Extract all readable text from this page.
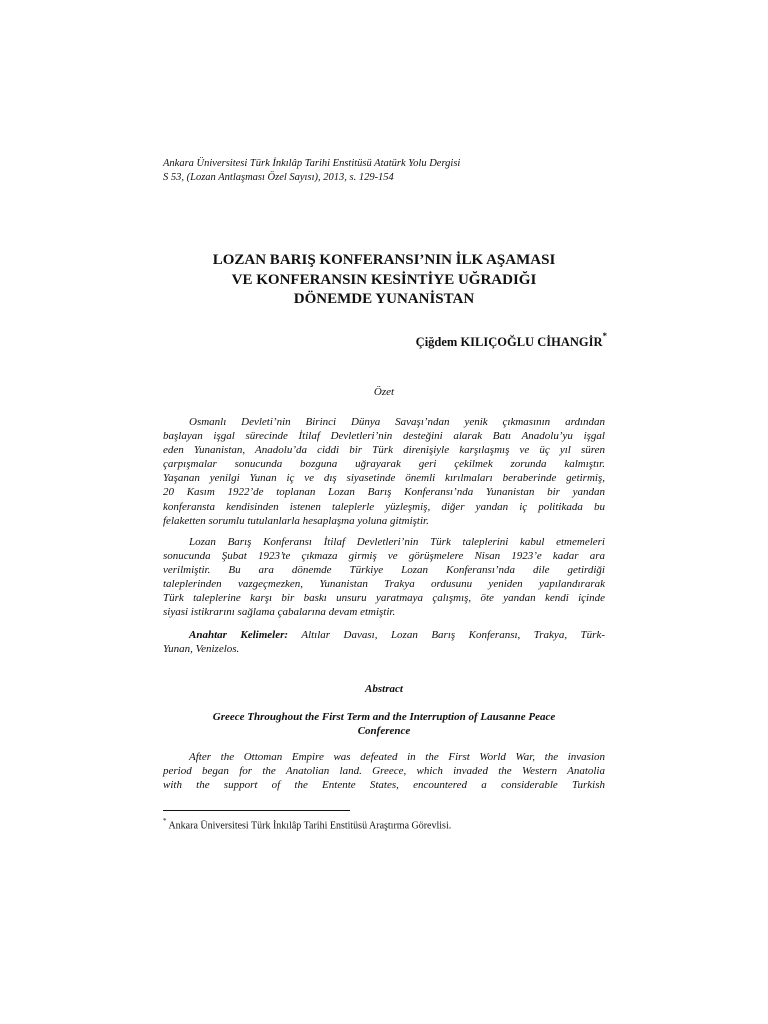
Ankara Üniversitesi Türk İnkılâp Tarihi Enstitüsü Atatürk Yolu Dergisi
S 53, (Lozan Antlaşması Özel Sayısı), 2013, s. 129-154
LOZAN BARIŞ KONFERANSI’NIN İLK AŞAMASI
VE KONFERANSIN KESİNTİYE UĞRADIĞI
DÖNEMDE YUNANİSTAN
Çiğdem KILIÇOĞLU CİHANGİR*
Özet

Osmanlı Devleti’nin Birinci Dünya Savaşı’ndan yenik çıkmasının ardından
başlayan işgal sürecinde İtilaf Devletleri’nin desteğini alarak Batı Anadolu’yu işgal
eden Yunanistan, Anadolu’da ciddi bir Türk direnişiyle karşılaşmış ve üç yıl süren
çarpışmalar sonucunda bozguna uğrayarak geri çekilmek zorunda kalmıştır.
Yaşanan yenilgi Yunan iç ve dış siyasetinde önemli kırılmaları beraberinde getirmiş,
20 Kasım 1922’de toplanan Lozan Barış Konferansı’nda Yunanistan bir yandan
konferansta kendisinden istenen taleplerle yüzleşmiş, diğer yandan iç politikada bu
felaketten sorumlu tutulanlarla hesaplaşma yoluna gitmiştir.

Lozan Barış Konferansı İtilaf Devletleri’nin Türk taleplerini kabul etmemeleri
sonucunda Şubat 1923’te çıkmaza girmiş ve görüşmelere Nisan 1923’e kadar ara
verilmiştir. Bu ara dönemde Türkiye Lozan Konferansı’nda dile getirdiği
taleplerinden vazgeçmezken, Yunanistan Trakya ordusunu yeniden yapılandırarak
Türk taleplerine karşı bir baskı unsuru yaratmaya çalışmış, öte yandan kendi içinde
siyasi istikrarını sağlama çabalarına devam etmiştir.

Anahtar Kelimeler: Altılar Davası, Lozan Barış Konferansı, Trakya, Türk-
Yunan, Venizelos.

Abstract
Greece Throughout the First Term and the Interruption of Lausanne Peace
Conference

After the Ottoman Empire was defeated in the First World War, the invasion
period began for the Anatolian land. Greece, which invaded the Western Anatolia
with the support of the Entente States, encountered a considerable Turkish

* Ankara Üniversitesi Türk İnkılâp Tarihi Enstitüsü Araştırma Görevlisi.
